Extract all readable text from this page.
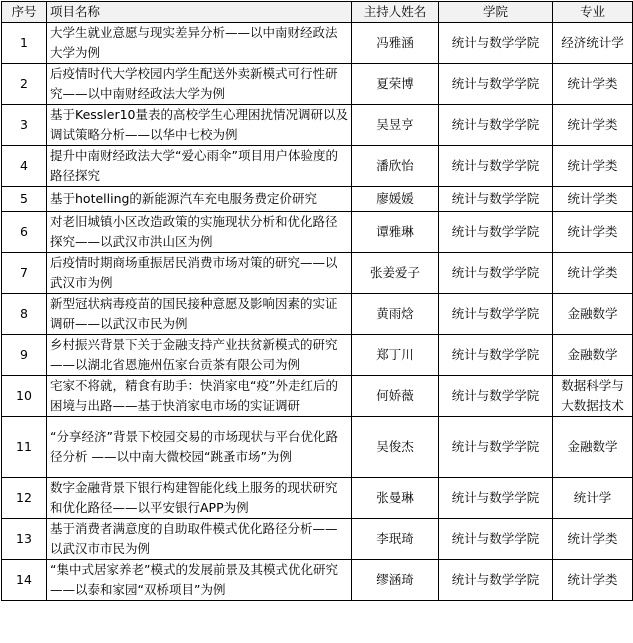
序号	项目名称	主持人姓名	学院	专业
1	大学生就业意愿与现实差异分析——以中南财经政法大学为例	冯雅涵	统计与数学学院	经济统计学
2	后疫情时代大学校园内学生配送外卖新模式可行性研究——以中南财经政法大学为例	夏荣博	统计与数学学院	统计学类
3	基于Kessler10量表的高校学生心理困扰情况调研以及调试策略分析——以华中七校为例	吴昱亨	统计与数学学院	统计学类
4	提升中南财经政法大学“爱心雨伞”项目用户体验度的路径探究	潘欣怡	统计与数学学院	统计学类
5	基于hotelling的新能源汽车充电服务费定价研究	廖媛媛	统计与数学学院	统计学类
6	对老旧城镇小区改造政策的实施现状分析和优化路径探究——以武汉市洪山区为例	谭雅琳	统计与数学学院	统计学类
7	后疫情时期商场重振居民消费市场对策的研究——以武汉市为例	张姜爱子	统计与数学学院	统计学类
8	新型冠状病毒疫苗的国民接种意愿及影响因素的实证调研——以武汉市民为例	黄雨焓	统计与数学学院	金融数学
9	乡村振兴背景下关于金融支持产业扶贫新模式的研究——以湖北省恩施州伍家台贡茶有限公司为例	郑丁川	统计与数学学院	金融数学
10	宅家不将就，精食有助手：快消家电“疫”外走红后的困境与出路——基于快消家电市场的实证调研	何娇薇	统计与数学学院	数据科学与大数据技术
11	“分享经济”背景下校园交易的市场现状与平台优化路径分析 ——以中南大微校园“跳蚤市场”为例	吴俊杰	统计与数学学院	金融数学
12	数字金融背景下银行构建智能化线上服务的现状研究和优化路径——以平安银行APP为例	张曼琳	统计与数学学院	统计学
13	基于消费者满意度的自助取件模式优化路径分析——以武汉市市民为例	李珉琦	统计与数学学院	统计学类
14	“集中式居家养老”模式的发展前景及其模式优化研究——以泰和家园“双桥项目”为例	缪涵琦	统计与数学学院	统计学类
